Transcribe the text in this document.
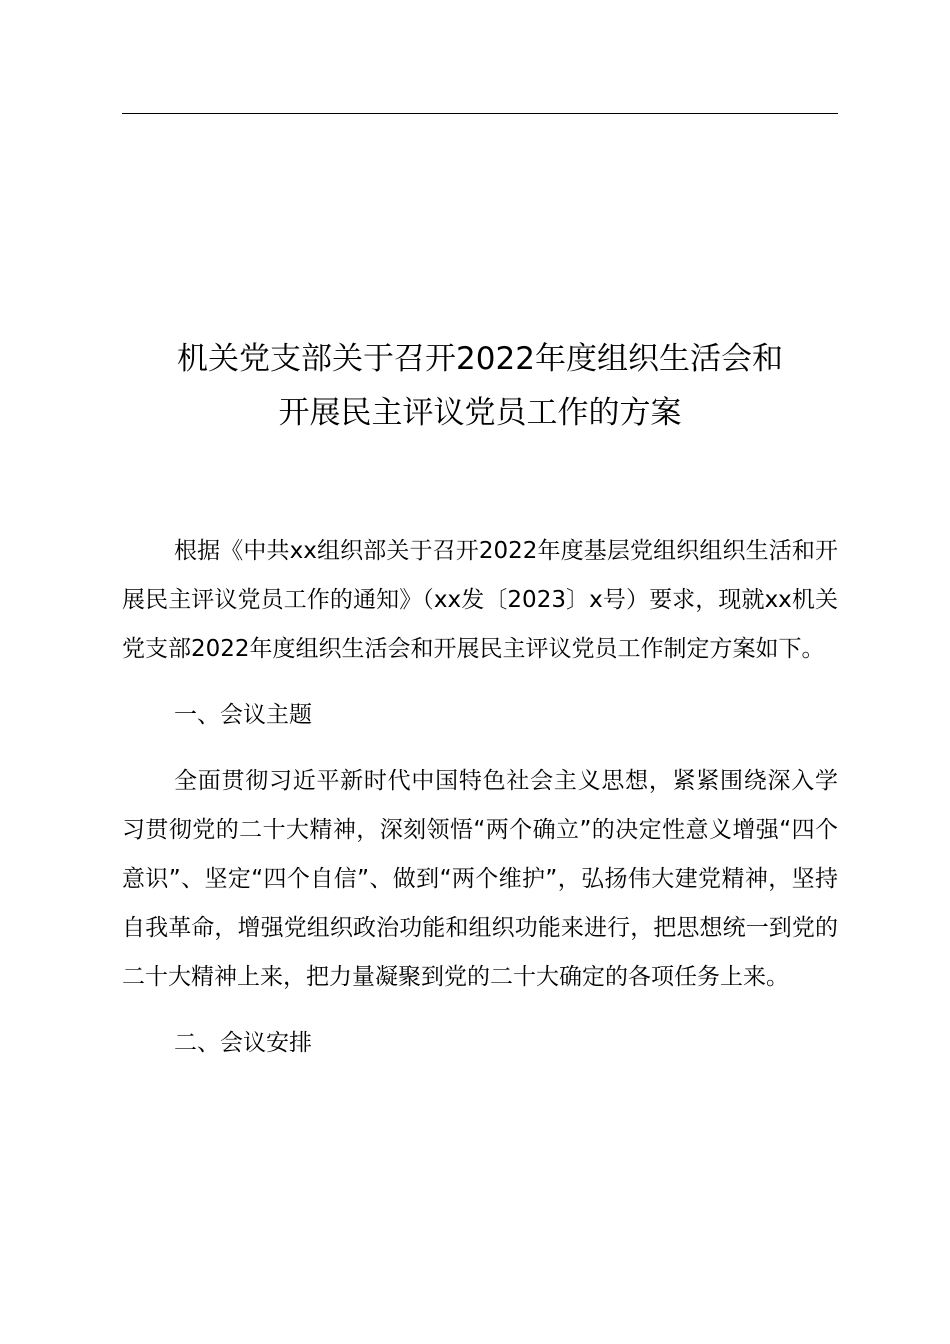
机关党支部关于召开2022年度组织生活会和
开展民主评议党员工作的方案

根据《中共xx组织部关于召开2022年度基层党组织组织生活和开展民主评议党员工作的通知》（xx发〔2023〕x号）要求，现就xx机关党支部2022年度组织生活会和开展民主评议党员工作制定方案如下。

一、会议主题

全面贯彻习近平新时代中国特色社会主义思想，紧紧围绕深入学习贯彻党的二十大精神，深刻领悟“两个确立”的决定性意义增强“四个意识”、坚定“四个自信”、做到“两个维护”，弘扬伟大建党精神，坚持自我革命，增强党组织政治功能和组织功能来进行，把思想统一到党的二十大精神上来，把力量凝聚到党的二十大确定的各项任务上来。

二、会议安排
